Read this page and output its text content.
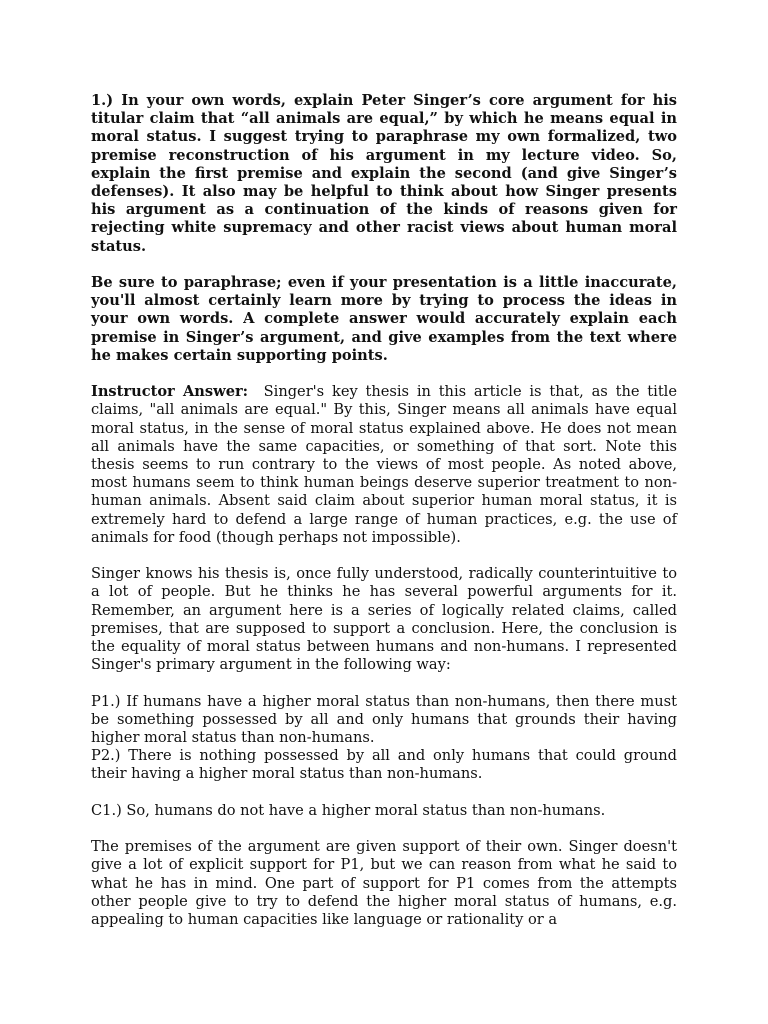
1.) In your own words, explain Peter Singer’s core argument for his titular claim that “all animals are equal,” by which he means equal in moral status. I suggest trying to paraphrase my own formalized, two premise reconstruction of his argument in my lecture video. So, explain the first premise and explain the second (and give Singer’s defenses). It also may be helpful to think about how Singer presents his argument as a continuation of the kinds of reasons given for rejecting white supremacy and other racist views about human moral status.

Be sure to paraphrase; even if your presentation is a little inaccurate, you'll almost certainly learn more by trying to process the ideas in your own words. A complete answer would accurately explain each premise in Singer’s argument, and give examples from the text where he makes certain supporting points.

Instructor Answer: Singer's key thesis in this article is that, as the title claims, "all animals are equal." By this, Singer means all animals have equal moral status, in the sense of moral status explained above. He does not mean all animals have the same capacities, or something of that sort. Note this thesis seems to run contrary to the views of most people. As noted above, most humans seem to think human beings deserve superior treatment to non-human animals. Absent said claim about superior human moral status, it is extremely hard to defend a large range of human practices, e.g. the use of animals for food (though perhaps not impossible).

Singer knows his thesis is, once fully understood, radically counterintuitive to a lot of people. But he thinks he has several powerful arguments for it. Remember, an argument here is a series of logically related claims, called premises, that are supposed to support a conclusion. Here, the conclusion is the equality of moral status between humans and non-humans. I represented Singer's primary argument in the following way:

P1.) If humans have a higher moral status than non-humans, then there must be something possessed by all and only humans that grounds their having higher moral status than non-humans.

P2.) There is nothing possessed by all and only humans that could ground their having a higher moral status than non-humans.

C1.) So, humans do not have a higher moral status than non-humans.

The premises of the argument are given support of their own. Singer doesn't give a lot of explicit support for P1, but we can reason from what he said to what he has in mind. One part of support for P1 comes from the attempts other people give to try to defend the higher moral status of humans, e.g. appealing to human capacities like language or rationality or a
